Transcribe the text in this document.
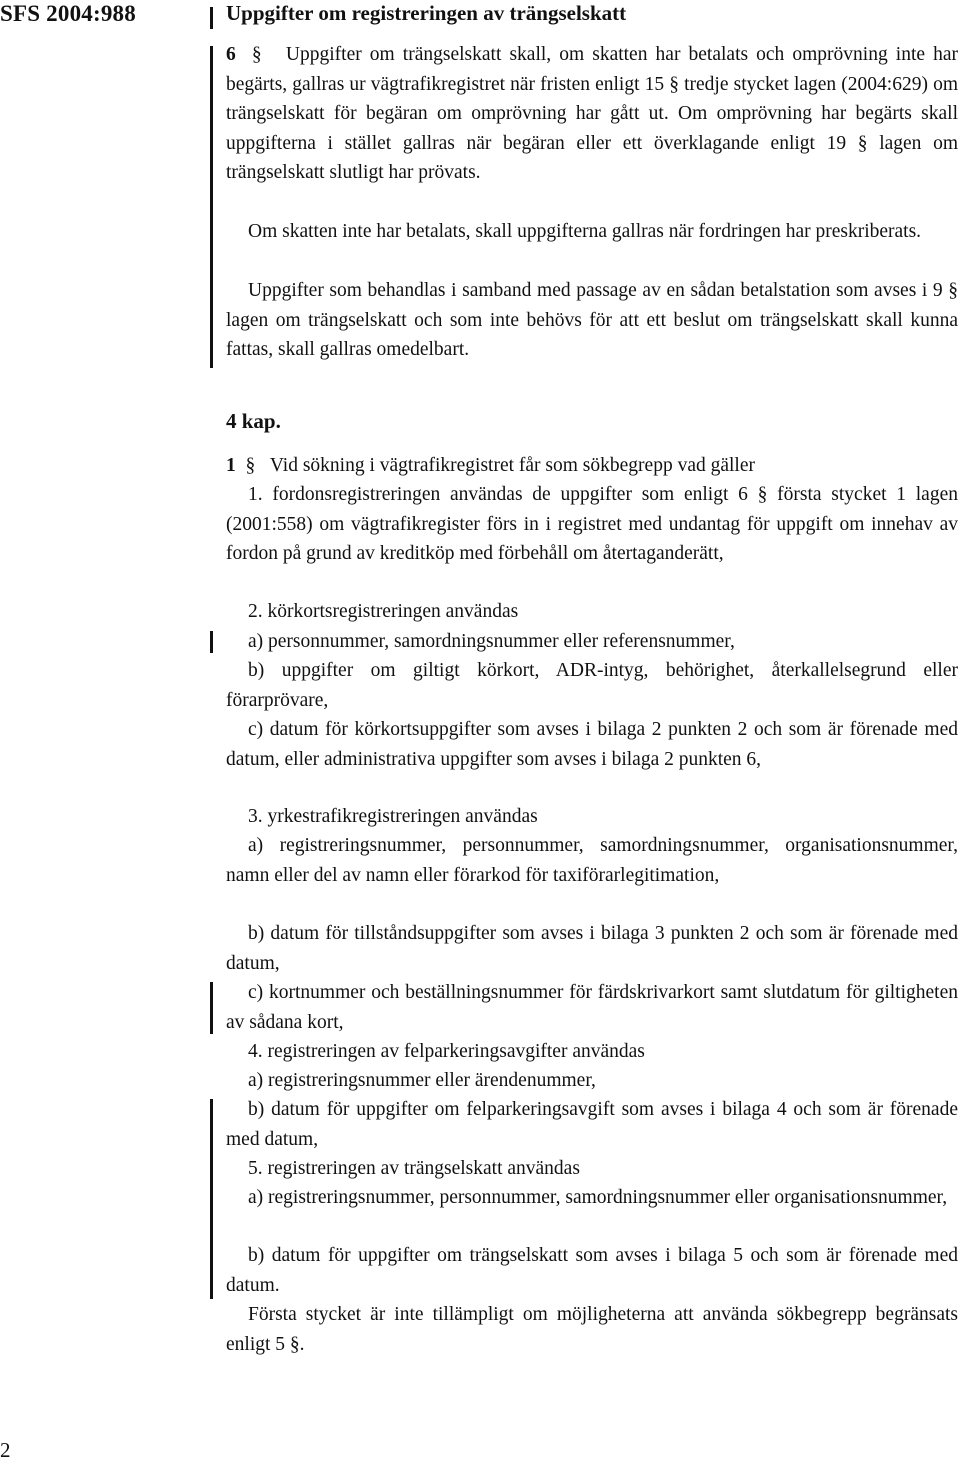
SFS 2004:988	Uppgifter om registreringen av trängselskatt

6 § Uppgifter om trängselskatt skall, om skatten har betalats och omprövning inte har begärts, gallras ur vägtrafikregistret när fristen enligt 15 § tredje stycket lagen (2004:629) om trängselskatt för begäran om omprövning har gått ut. Om omprövning har begärts skall uppgifterna i stället gallras när begäran eller ett överklagande enligt 19 § lagen om trängselskatt slutligt har prövats.

Om skatten inte har betalats, skall uppgifterna gallras när fordringen har preskriberats.

Uppgifter som behandlas i samband med passage av en sådan betalstation som avses i 9 § lagen om trängselskatt och som inte behövs för att ett beslut om trängselskatt skall kunna fattas, skall gallras omedelbart.

4 kap.

1 § Vid sökning i vägtrafikregistret får som sökbegrepp vad gäller

1. fordonsregistreringen användas de uppgifter som enligt 6 § första stycket 1 lagen (2001:558) om vägtrafikregister förs in i registret med undantag för uppgift om innehav av fordon på grund av kreditköp med förbehåll om återtaganderätt,

2. körkortsregistreringen användas

a) personnummer, samordningsnummer eller referensnummer,

b) uppgifter om giltigt körkort, ADR-intyg, behörighet, återkallelsegrund eller förarprövare,

c) datum för körkortsuppgifter som avses i bilaga 2 punkten 2 och som är förenade med datum, eller administrativa uppgifter som avses i bilaga 2 punkten 6,

3. yrkestrafikregistreringen användas

a) registreringsnummer, personnummer, samordningsnummer, organisationsnummer, namn eller del av namn eller förarkod för taxiförarlegitimation,

b) datum för tillståndsuppgifter som avses i bilaga 3 punkten 2 och som är förenade med datum,

c) kortnummer och beställningsnummer för färdskrivarkort samt slutdatum för giltigheten av sådana kort,

4. registreringen av felparkeringsavgifter användas

a) registreringsnummer eller ärendenummer,

b) datum för uppgifter om felparkeringsavgift som avses i bilaga 4 och som är förenade med datum,

5. registreringen av trängselskatt användas

a) registreringsnummer, personnummer, samordningsnummer eller organisationsnummer,

b) datum för uppgifter om trängselskatt som avses i bilaga 5 och som är förenade med datum.

Första stycket är inte tillämpligt om möjligheterna att använda sökbegrepp begränsats enligt 5 §.

2
